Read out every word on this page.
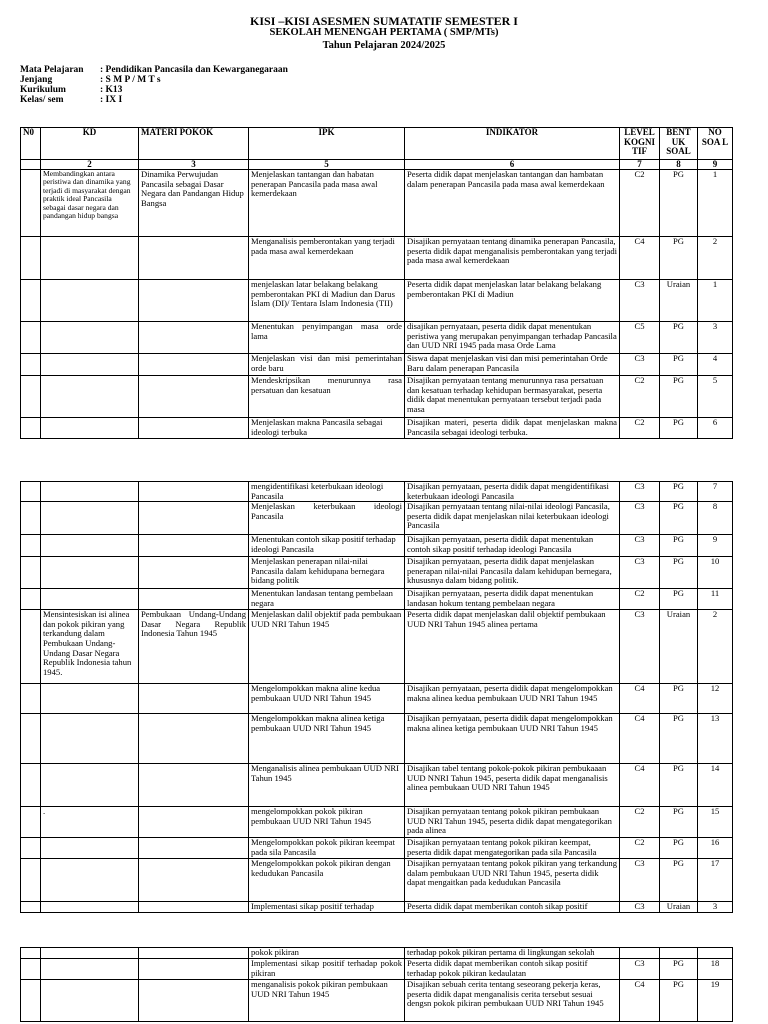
KISI –KISI ASESMEN SUMATATIF SEMESTER I
SEKOLAH MENENGAH PERTAMA ( SMP/MTs)
Tahun Pelajaran 2024/2025
Mata Pelajaran	: Pendidikan Pancasila dan Kewarganegaraan
Jenjang	: S M P / M T s
Kurikulum	: K13
Kelas/ sem	: IX I
N0	KD	MATERI POKOK	IPK	INDIKATOR	LEVEL KOGNI TIF	BENT UK SOAL	NO SOA L
	2	3	5	6	7	8	9
	Membandingkan antara peristiwa dan dinamika yang terjadi di masyarakat dengan praktik ideal Pancasila sebagai dasar negara dan pandangan hidup bangsa	Dinamika Perwujudan Pancasila sebagai Dasar Negara dan Pandangan Hidup Bangsa	Menjelaskan tantangan dan habatan penerapan Pancasila pada masa awal kemerdekaan	Peserta didik dapat menjelaskan tantangan dan hambatan dalam penerapan Pancasila pada masa awal kemerdekaan	C2	PG	1
			Menganalisis pemberontakan yang terjadi pada masa awal kemerdekaan	Disajikan pernyataan tentang dinamika penerapan Pancasila, peserta didik dapat menganalisis pemberontakan yang terjadi pada masa awal kemerdekaan	C4	PG	2
			menjelaskan latar belakang belakang pemberontakan PKI di Madiun dan Darus Islam (DI)/ Tentara Islam Indonesia (TII)	Peserta didik dapat menjelaskan latar belakang belakang pemberontakan PKI di Madiun	C3	Uraian	1
			Menentukan penyimpangan masa orde lama	disajikan pernyataan, peserta didik dapat menentukan peristiwa yang merupakan penyimpangan terhadap Pancasila dan UUD NRI 1945 pada masa Orde Lama	C5	PG	3
			Menjelaskan visi dan misi pemerintahan orde baru	Siswa dapat menjelaskan visi dan misi pemerintahan Orde Baru dalam penerapan Pancasila	C3	PG	4
			Mendeskripsikan menurunnya rasa persatuan dan kesatuan	Disajikan pernyataan tentang menurunnya rasa persatuan dan kesatuan terhadap kehidupan bermasyarakat, peserta didik dapat menentukan pernyataan tersebut terjadi pada masa	C2	PG	5
			Menjelaskan makna Pancasila sebagai ideologi terbuka	Disajikan materi, peserta didik dapat menjelaskan makna Pancasila sebagai ideologi terbuka.	C2	PG	6
			mengidentifikasi keterbukaan ideologi Pancasila	Disajikan pernyataan, peserta didik dapat mengidentifikasi keterbukaan ideologi Pancasila	C3	PG	7
			Menjelaskan keterbukaan ideologi Pancasila	Disajikan pernyataan tentang nilai-nilai ideologi Pancasila, peserta didik dapat menjelaskan nilai keterbukaan ideologi Pancasila	C3	PG	8
			Menentukan contoh sikap positif terhadap ideologi Pancasila	Disajikan pernyataan, peserta didik dapat menentukan contoh sikap positif terhadap ideologi Pancasila	C3	PG	9
			Menjelaskan penerapan nilai-nilai Pancasila dalam kehidupana bernegara bidang politik	Disajikan pernyataan, peserta didik dapat menjelaskan penerapan nilai-nilai Pancasila dalam kehidupan bernegara, khususnya dalam bidang politik.	C3	PG	10
			Menentukan landasan tentang pembelaan negara	Disajikan pernyataan, peserta didik dapat menentukan landasan hokum tentang pembelaan negara	C2	PG	11
	Mensintesiskan isi alinea dan pokok pikiran yang terkandung dalam Pembukaan Undang-Undang Dasar Negara Republik Indonesia tahun 1945.	Pembukaan Undang-Undang Dasar Negara Republik Indonesia Tahun 1945	Menjelaskan dalil objektif pada pembukaan UUD NRI Tahun 1945	Peserta didik dapat menjelaskan dalil objektif pembukaan UUD NRI Tahun 1945 alinea pertama	C3	Uraian	2
			Mengelompokkan makna aline kedua pembukaan UUD NRI Tahun 1945	Disajikan pernyataan, peserta didik dapat mengelompokkan makna alinea kedua pembukaan UUD NRI Tahun 1945	C4	PG	12
			Mengelompokkan makna alinea ketiga pembukaan UUD NRI Tahun 1945	Disajikan pernyataan, peserta didik dapat mengelompokkan makna alinea ketiga pembukaan UUD NRI Tahun 1945	C4	PG	13
			Menganalisis alinea pembukaan UUD NRI Tahun 1945	Disajikan tabel tentang pokok-pokok pikiran pembukaaan UUD NNRI Tahun 1945, peserta didik dapat menganalisis alinea pembukaan UUD NRI Tahun 1945	C4	PG	14
	.		mengelompokkan pokok pikiran pembukaan UUD NRI Tahun 1945	Disajikan pernyataan tentang pokok pikiran pembukaan UUD NRI Tahun 1945, peserta didik dapat mengategorikan pada alinea	C2	PG	15
			Mengelompokkan pokok pikiran keempat pada sila Pancasila	Disajikan pernyataan tentang pokok pikiran keempat, peserta didik dapat mengategorikan pada sila Pancasila	C2	PG	16
			Mengelompokkan pokok pikiran dengan kedudukan Pancasila	Disajikan pernyataan tentang pokok pikiran yang terkandung dalam pembukaan UUD NRI Tahun 1945, peserta didik dapat mengaitkan pada kedudukan Pancasila	C3	PG	17
			Implementasi sikap positif terhadap	Peserta didik dapat memberikan contoh sikap positif	C3	Uraian	3
			pokok pikiran	terhadap pokok pikiran pertama di lingkungan sekolah			
			Implementasi sikap positif terhadap pokok pikiran	Peserta didik dapat memberikan contoh sikap positif terhadap pokok pikiran kedaulatan	C3	PG	18
			menganalisis pokok pikiran pembukaan UUD NRI Tahun 1945	Disajikan sebuah cerita tentang seseorang pekerja keras, peserta didik dapat menganalisis cerita tersebut sesuai dengsn pokok pikiran pembukaan UUD NRI Tahun 1945	C4	PG	19
